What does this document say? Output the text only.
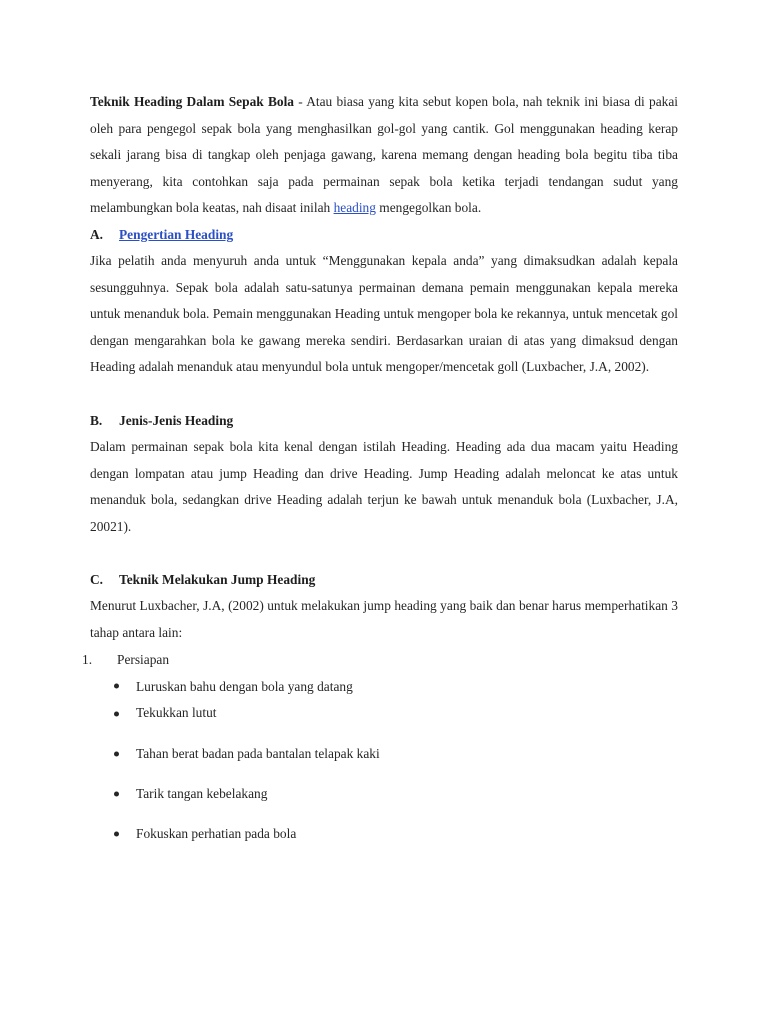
Teknik Heading Dalam Sepak Bola - Atau biasa yang kita sebut kopen bola, nah teknik ini biasa di pakai oleh para pengegol sepak bola yang menghasilkan gol-gol yang cantik. Gol menggunakan heading kerap sekali jarang bisa di tangkap oleh penjaga gawang, karena memang dengan heading bola begitu tiba tiba menyerang, kita contohkan saja pada permainan sepak bola ketika terjadi tendangan sudut yang melambungkan bola keatas, nah disaat inilah heading mengegolkan bola.

A.	Pengertian Heading

Jika pelatih anda menyuruh anda untuk “Menggunakan kepala anda” yang dimaksudkan adalah kepala sesungguhnya. Sepak bola adalah satu-satunya permainan demana pemain menggunakan kepala mereka untuk menanduk bola. Pemain menggunakan Heading untuk mengoper bola ke rekannya, untuk mencetak gol dengan mengarahkan bola ke gawang mereka sendiri. Berdasarkan uraian di atas yang dimaksud dengan Heading adalah menanduk atau menyundul bola untuk mengoper/mencetak goll (Luxbacher, J.A, 2002).

B.	Jenis-Jenis Heading

Dalam permainan sepak bola kita kenal dengan istilah Heading. Heading ada dua macam yaitu Heading dengan lompatan atau jump Heading dan drive Heading. Jump Heading adalah meloncat ke atas untuk menanduk bola, sedangkan drive Heading adalah terjun ke bawah untuk menanduk bola (Luxbacher, J.A, 20021).

C.	Teknik Melakukan Jump Heading

Menurut Luxbacher, J.A, (2002) untuk melakukan jump heading yang baik dan benar harus memperhatikan 3 tahap antara lain:

1.	Persiapan
Luruskan bahu dengan bola yang datang
Tekukkan lutut
Tahan berat badan pada bantalan telapak kaki
Tarik tangan kebelakang
Fokuskan perhatian pada bola
